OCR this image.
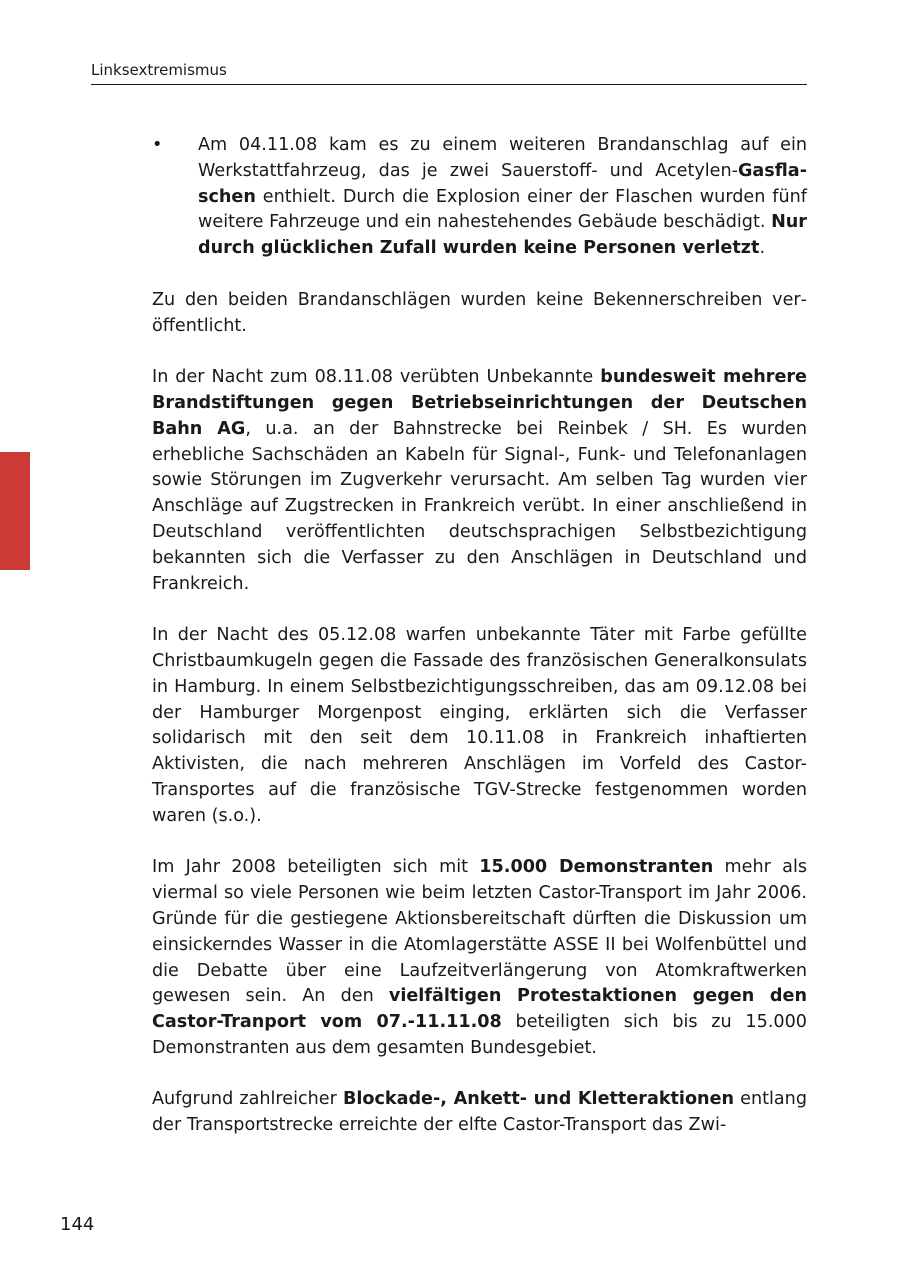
Linksextremismus
• Am 04.11.08 kam es zu einem weiteren Brandanschlag auf ein Werkstattfahrzeug, das je zwei Sauerstoff- und Acetylen-Gasflaschen enthielt. Durch die Explosion einer der Flaschen wurden fünf weitere Fahrzeuge und ein nahestehendes Gebäude beschädigt. Nur durch glücklichen Zufall wurden keine Personen verletzt.

Zu den beiden Brandanschlägen wurden keine Bekennerschreiben veröffentlicht.

In der Nacht zum 08.11.08 verübten Unbekannte bundesweit mehrere Brandstiftungen gegen Betriebseinrichtungen der Deutschen Bahn AG, u.a. an der Bahnstrecke bei Reinbek / SH. Es wurden erhebliche Sachschäden an Kabeln für Signal-, Funk- und Telefonanlagen sowie Störungen im Zugverkehr verursacht. Am selben Tag wurden vier Anschläge auf Zugstrecken in Frankreich verübt. In einer anschließend in Deutschland veröffentlichten deutschsprachigen Selbstbezichtigung bekannten sich die Verfasser zu den Anschlägen in Deutschland und Frankreich.

In der Nacht des 05.12.08 warfen unbekannte Täter mit Farbe gefüllte Christbaumkugeln gegen die Fassade des französischen Generalkonsulats in Hamburg. In einem Selbstbezichtigungsschreiben, das am 09.12.08 bei der Hamburger Morgenpost einging, erklärten sich die Verfasser solidarisch mit den seit dem 10.11.08 in Frankreich inhaftierten Aktivisten, die nach mehreren Anschlägen im Vorfeld des Castor-Transportes auf die französische TGV-Strecke festgenommen worden waren (s.o.).

Im Jahr 2008 beteiligten sich mit 15.000 Demonstranten mehr als viermal so viele Personen wie beim letzten Castor-Transport im Jahr 2006. Gründe für die gestiegene Aktionsbereitschaft dürften die Diskussion um einsickerndes Wasser in die Atomlagerstätte ASSE II bei Wolfenbüttel und die Debatte über eine Laufzeitverlängerung von Atomkraftwerken gewesen sein. An den vielfältigen Protestaktionen gegen den Castor-Tranport vom 07.-11.11.08 beteiligten sich bis zu 15.000 Demonstranten aus dem gesamten Bundesgebiet.

Aufgrund zahlreicher Blockade-, Ankett- und Kletteraktionen entlang der Transportstrecke erreichte der elfte Castor-Transport das Zwi-

144
